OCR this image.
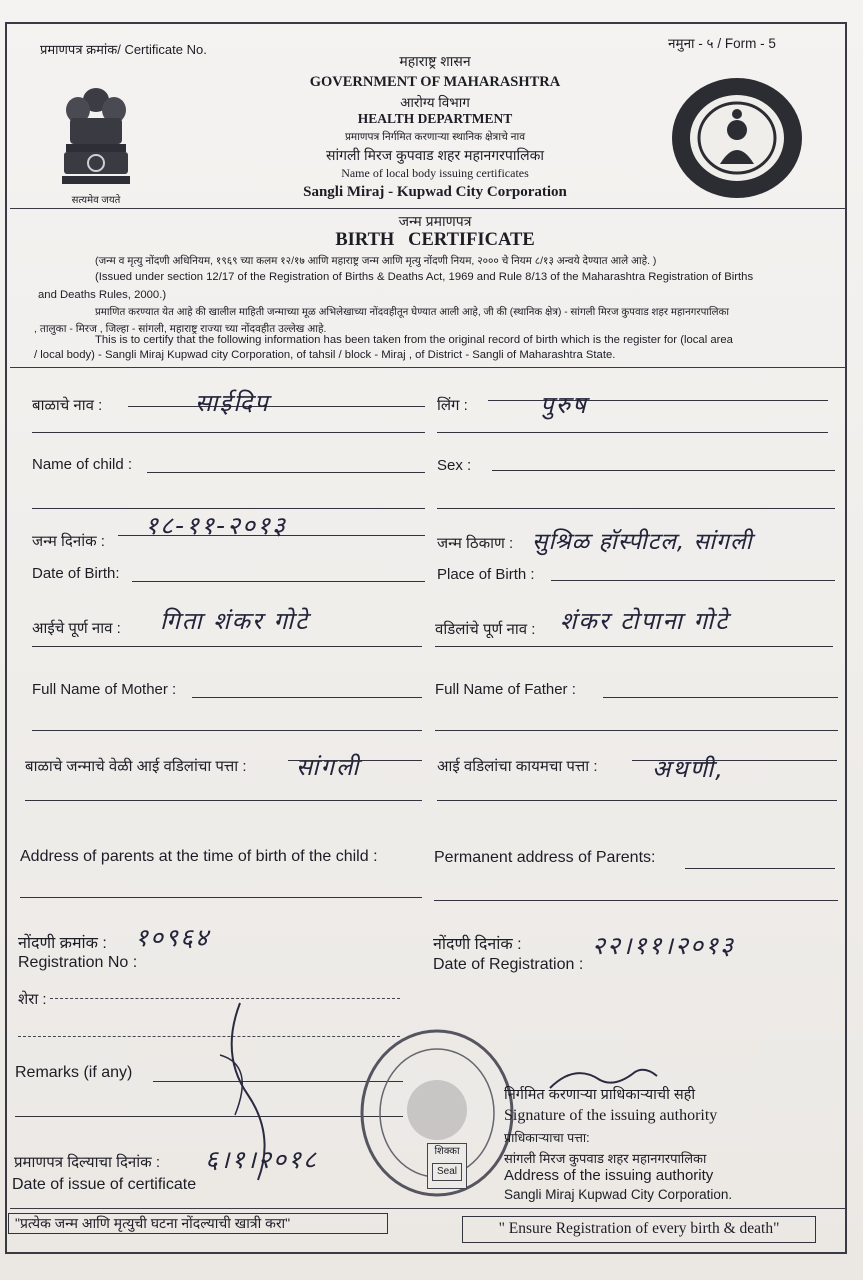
प्रमाणपत्र क्रमांक/ Certificate No.	नमुना - ५ / Form - 5
सत्यमेव जयते
महाराष्ट्र शासन
GOVERNMENT OF MAHARASHTRA
आरोग्य विभाग
HEALTH DEPARTMENT
प्रमाणपत्र निर्गमित करणाऱ्या स्थानिक क्षेत्राचे नाव
सांगली मिरज कुपवाड शहर महानगरपालिका
Name of local body issuing certificates
Sangli Miraj - Kupwad City Corporation
जन्म प्रमाणपत्र
BIRTH   CERTIFICATE
(जन्म व मृत्यु नोंदणी अधिनियम, १९६९ च्या कलम १२/१७ आणि महाराष्ट्र जन्म आणि मृत्यु नोंदणी नियम, २००० चे नियम ८/१३ अन्वये देण्यात आले आहे. )
(Issued under section 12/17 of the Registration of Births & Deaths Act, 1969 and Rule 8/13 of the Maharashtra Registration of Births
and Deaths Rules, 2000.)
प्रमाणित करण्यात येत आहे की खालील माहिती जन्माच्या मूळ अभिलेखाच्या नोंदवहीतून घेण्यात आली आहे, जी की (स्थानिक क्षेत्र) - सांगली मिरज कुपवाड शहर महानगरपालिका
, तालुका - मिरज , जिल्हा - सांगली, महाराष्ट्र राज्या च्या नोंदवहीत उल्लेख आहे.
This is to certify that the following information has been taken from the original record of birth which is the register for (local area
/ local body) - Sangli Miraj Kupwad city Corporation, of tahsil / block - Miraj , of District - Sangli of Maharashtra State.
बाळाचे नाव :	साईदिप	लिंग :	पुरुष
Name of child :	Sex :
जन्म दिनांक :
१८-११-२०१३
जन्म ठिकाण : सुश्रिळ हॉस्पीटल, सांगली
Date of Birth:	Place of Birth :
आईचे पूर्ण नाव : गिता शंकर गोटे	वडिलांचे पूर्ण नाव : शंकर टोपाना गोटे
Full Name of Mother :	Full Name of Father :
बाळाचे जन्माचे वेळी आई वडिलांचा पत्ता : सांगली	आई वडिलांचा कायमचा पत्ता : अथणी,
Address of parents at the time of birth of the child :	Permanent address of Parents:
नोंदणी क्रमांक : १०९६४
Registration No :
नोंदणी दिनांक :	२२।११।२०१३
Date of Registration :
शेरा :
Remarks (if any)
प्रमाणपत्र दिल्याचा दिनांक : ६।१।२०१८
Date of issue of certificate
शिक्का
Seal
निर्गमित करणाऱ्या प्राधिकाऱ्याची सही
Signature of the issuing authority
प्राधिकाऱ्याचा पत्ता:
सांगली मिरज कुपवाड शहर महानगरपालिका
Address of the issuing authority
Sangli Miraj Kupwad City Corporation.
"प्रत्येक जन्म आणि मृत्युची घटना नोंदल्याची खात्री करा"	" Ensure Registration of every birth & death"
